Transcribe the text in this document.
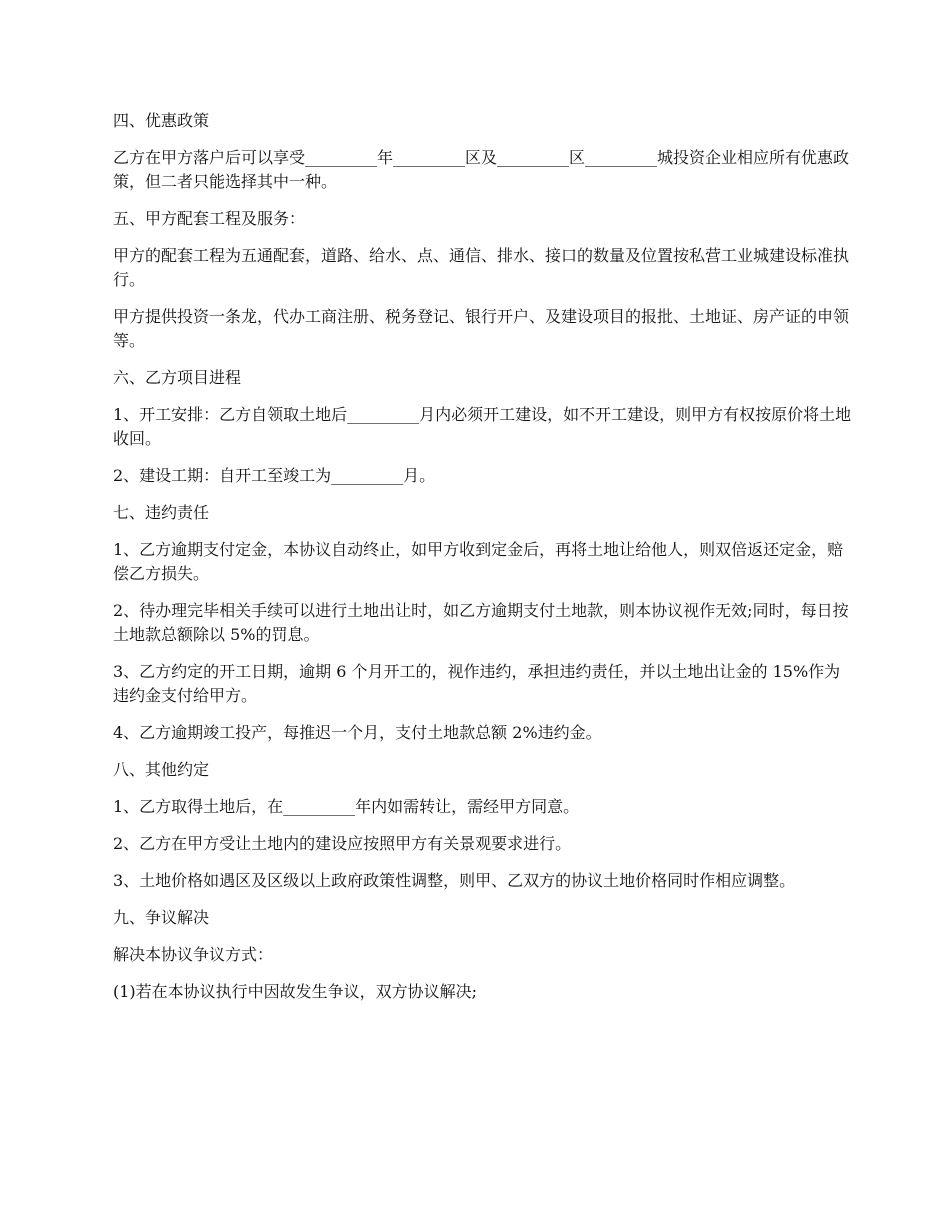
四、优惠政策

乙方在甲方落户后可以享受_________年_________区及_________区_________城投资企业相应所有优惠政策，但二者只能选择其中一种。

五、甲方配套工程及服务：

甲方的配套工程为五通配套，道路、给水、点、通信、排水、接口的数量及位置按私营工业城建设标准执行。

甲方提供投资一条龙，代办工商注册、税务登记、银行开户、及建设项目的报批、土地证、房产证的申领等。

六、乙方项目进程

1、开工安排：乙方自领取土地后_________月内必须开工建设，如不开工建设，则甲方有权按原价将土地收回。

2、建设工期：自开工至竣工为_________月。

七、违约责任

1、乙方逾期支付定金，本协议自动终止，如甲方收到定金后，再将土地让给他人，则双倍返还定金，赔偿乙方损失。

2、待办理完毕相关手续可以进行土地出让时，如乙方逾期支付土地款，则本协议视作无效;同时，每日按土地款总额除以 5%的罚息。

3、乙方约定的开工日期，逾期 6 个月开工的，视作违约，承担违约责任，并以土地出让金的 15%作为违约金支付给甲方。

4、乙方逾期竣工投产，每推迟一个月，支付土地款总额 2%违约金。

八、其他约定

1、乙方取得土地后，在_________年内如需转让，需经甲方同意。

2、乙方在甲方受让土地内的建设应按照甲方有关景观要求进行。

3、土地价格如遇区及区级以上政府政策性调整，则甲、乙双方的协议土地价格同时作相应调整。

九、争议解决

解决本协议争议方式：

(1)若在本协议执行中因故发生争议，双方协议解决;
